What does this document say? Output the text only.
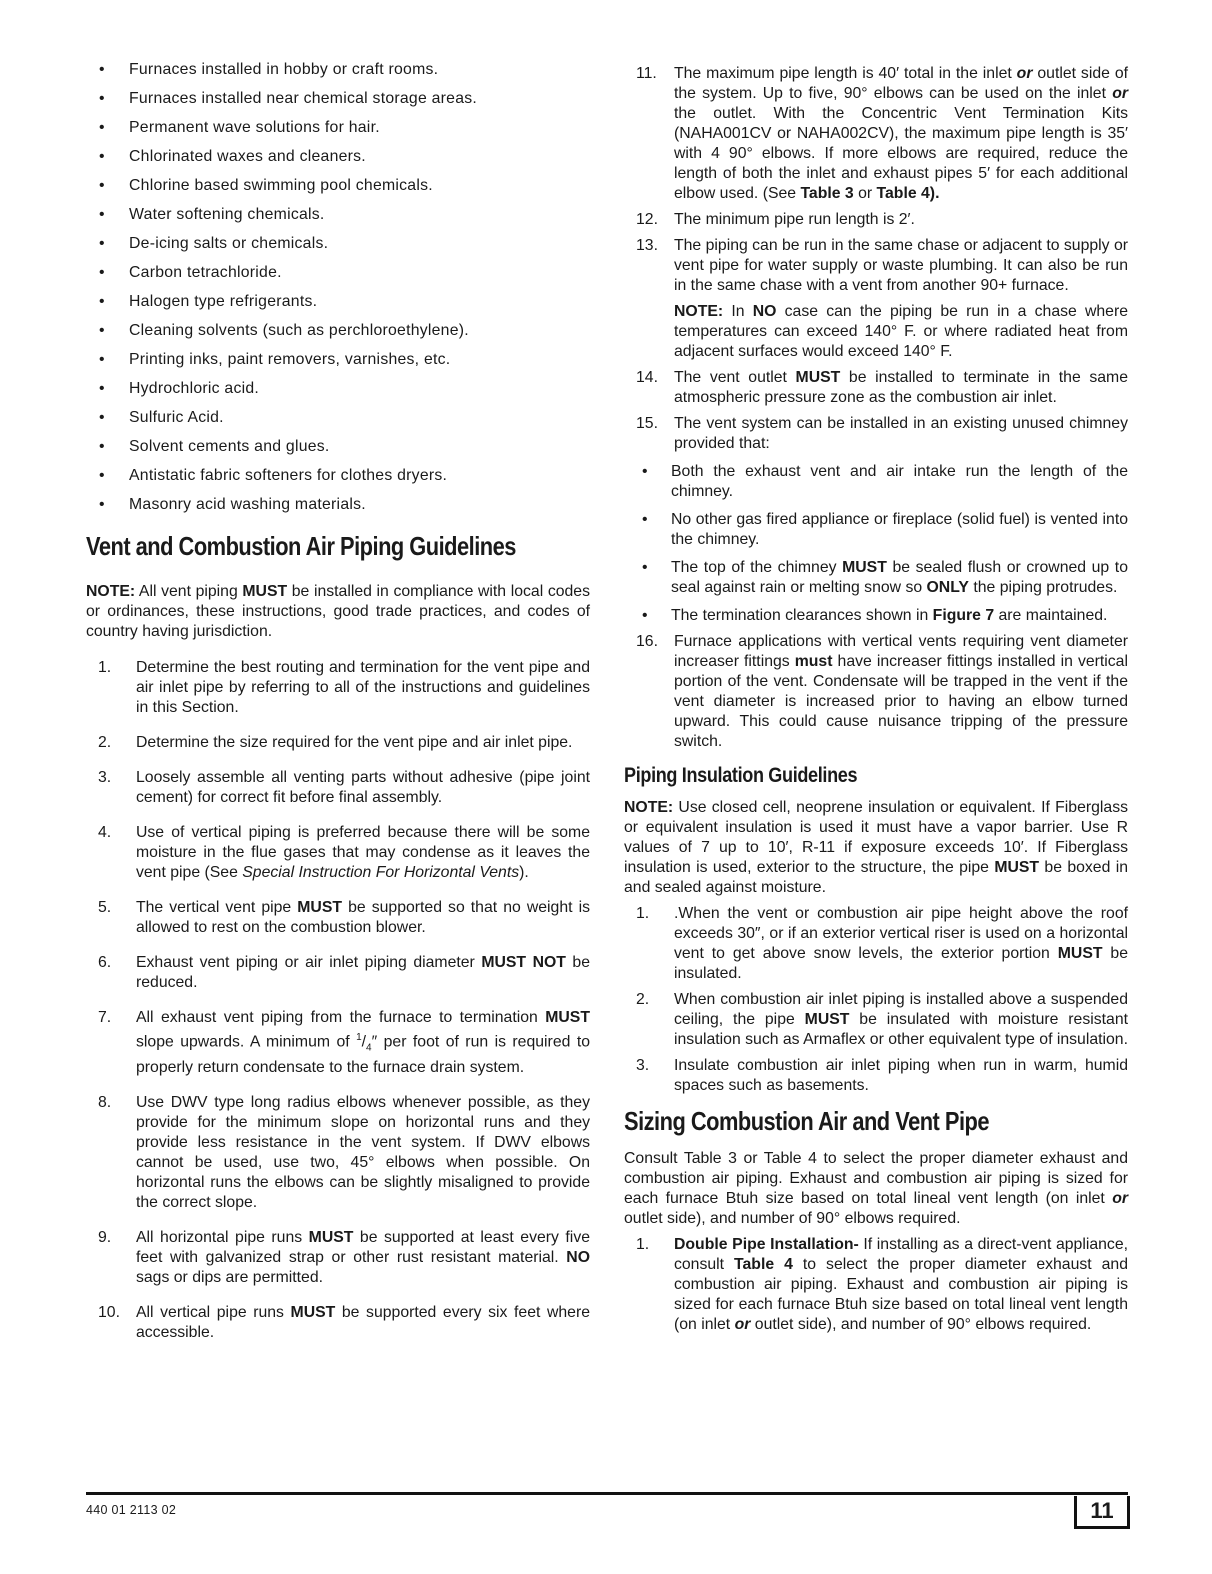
• Furnaces installed in hobby or craft rooms.
• Furnaces installed near chemical storage areas.
• Permanent wave solutions for hair.
• Chlorinated waxes and cleaners.
• Chlorine based swimming pool chemicals.
• Water softening chemicals.
• De-icing salts or chemicals.
• Carbon tetrachloride.
• Halogen type refrigerants.
• Cleaning solvents (such as perchloroethylene).
• Printing inks, paint removers, varnishes, etc.
• Hydrochloric acid.
• Sulfuric Acid.
• Solvent cements and glues.
• Antistatic fabric softeners for clothes dryers.
• Masonry acid washing materials.
Vent and Combustion Air Piping Guidelines

NOTE: All vent piping MUST be installed in compliance with local codes or ordinances, these instructions, good trade practices, and codes of country having jurisdiction.

1. Determine the best routing and termination for the vent pipe and air inlet pipe by referring to all of the instructions and guidelines in this Section.
2. Determine the size required for the vent pipe and air inlet pipe.
3. Loosely assemble all venting parts without adhesive (pipe joint cement) for correct fit before final assembly.
4. Use of vertical piping is preferred because there will be some moisture in the flue gases that may condense as it leaves the vent pipe (See Special Instruction For Horizontal Vents).
5. The vertical vent pipe MUST be supported so that no weight is allowed to rest on the combustion blower.
6. Exhaust vent piping or air inlet piping diameter MUST NOT be reduced.
7. All exhaust vent piping from the furnace to termination MUST slope upwards. A minimum of $^1/_4''$ per foot of run is required to properly return condensate to the furnace drain system.
8. Use DWV type long radius elbows whenever possible, as they provide for the minimum slope on horizontal runs and they provide less resistance in the vent system. If DWV elbows cannot be used, use two, 45° elbows when possible. On horizontal runs the elbows can be slightly misaligned to provide the correct slope.
9. All horizontal pipe runs MUST be supported at least every five feet with galvanized strap or other rust resistant material. NO sags or dips are permitted.
10. All vertical pipe runs MUST be supported every six feet where accessible.
11. The maximum pipe length is 40′ total in the inlet or outlet side of the system. Up to five, 90° elbows can be used on the inlet or the outlet. With the Concentric Vent Termination Kits (NAHA001CV or NAHA002CV), the maximum pipe length is 35′ with 4 90° elbows. If more elbows are required, reduce the length of both the inlet and exhaust pipes 5′ for each additional elbow used. (See Table 3 or Table 4).
12. The minimum pipe run length is 2′.
13. The piping can be run in the same chase or adjacent to supply or vent pipe for water supply or waste plumbing. It can also be run in the same chase with a vent from another 90+ furnace.

NOTE: In NO case can the piping be run in a chase where temperatures can exceed 140° F. or where radiated heat from adjacent surfaces would exceed 140° F.

14. The vent outlet MUST be installed to terminate in the same atmospheric pressure zone as the combustion air inlet.
15. The vent system can be installed in an existing unused chimney provided that:
• Both the exhaust vent and air intake run the length of the chimney.
• No other gas fired appliance or fireplace (solid fuel) is vented into the chimney.
• The top of the chimney MUST be sealed flush or crowned up to seal against rain or melting snow so ONLY the piping protrudes.
• The termination clearances shown in Figure 7 are maintained.
16. Furnace applications with vertical vents requiring vent diameter increaser fittings must have increaser fittings installed in vertical portion of the vent. Condensate will be trapped in the vent if the vent diameter is increased prior to having an elbow turned upward. This could cause nuisance tripping of the pressure switch.
Piping Insulation Guidelines

NOTE: Use closed cell, neoprene insulation or equivalent. If Fiberglass or equivalent insulation is used it must have a vapor barrier. Use R values of 7 up to 10′, R-11 if exposure exceeds 10′. If Fiberglass insulation is used, exterior to the structure, the pipe MUST be boxed in and sealed against moisture.

1. .When the vent or combustion air pipe height above the roof exceeds 30″, or if an exterior vertical riser is used on a horizontal vent to get above snow levels, the exterior portion MUST be insulated.
2. When combustion air inlet piping is installed above a suspended ceiling, the pipe MUST be insulated with moisture resistant insulation such as Armaflex or other equivalent type of insulation.
3. Insulate combustion air inlet piping when run in warm, humid spaces such as basements.
Sizing Combustion Air and Vent Pipe

Consult Table 3 or Table 4 to select the proper diameter exhaust and combustion air piping. Exhaust and combustion air piping is sized for each furnace Btuh size based on total lineal vent length (on inlet or outlet side), and number of 90° elbows required.

1. Double Pipe Installation- If installing as a direct-vent appliance, consult Table 4 to select the proper diameter exhaust and combustion air piping. Exhaust and combustion air piping is sized for each furnace Btuh size based on total lineal vent length (on inlet or outlet side), and number of 90° elbows required.
440 01 2113 02	11
